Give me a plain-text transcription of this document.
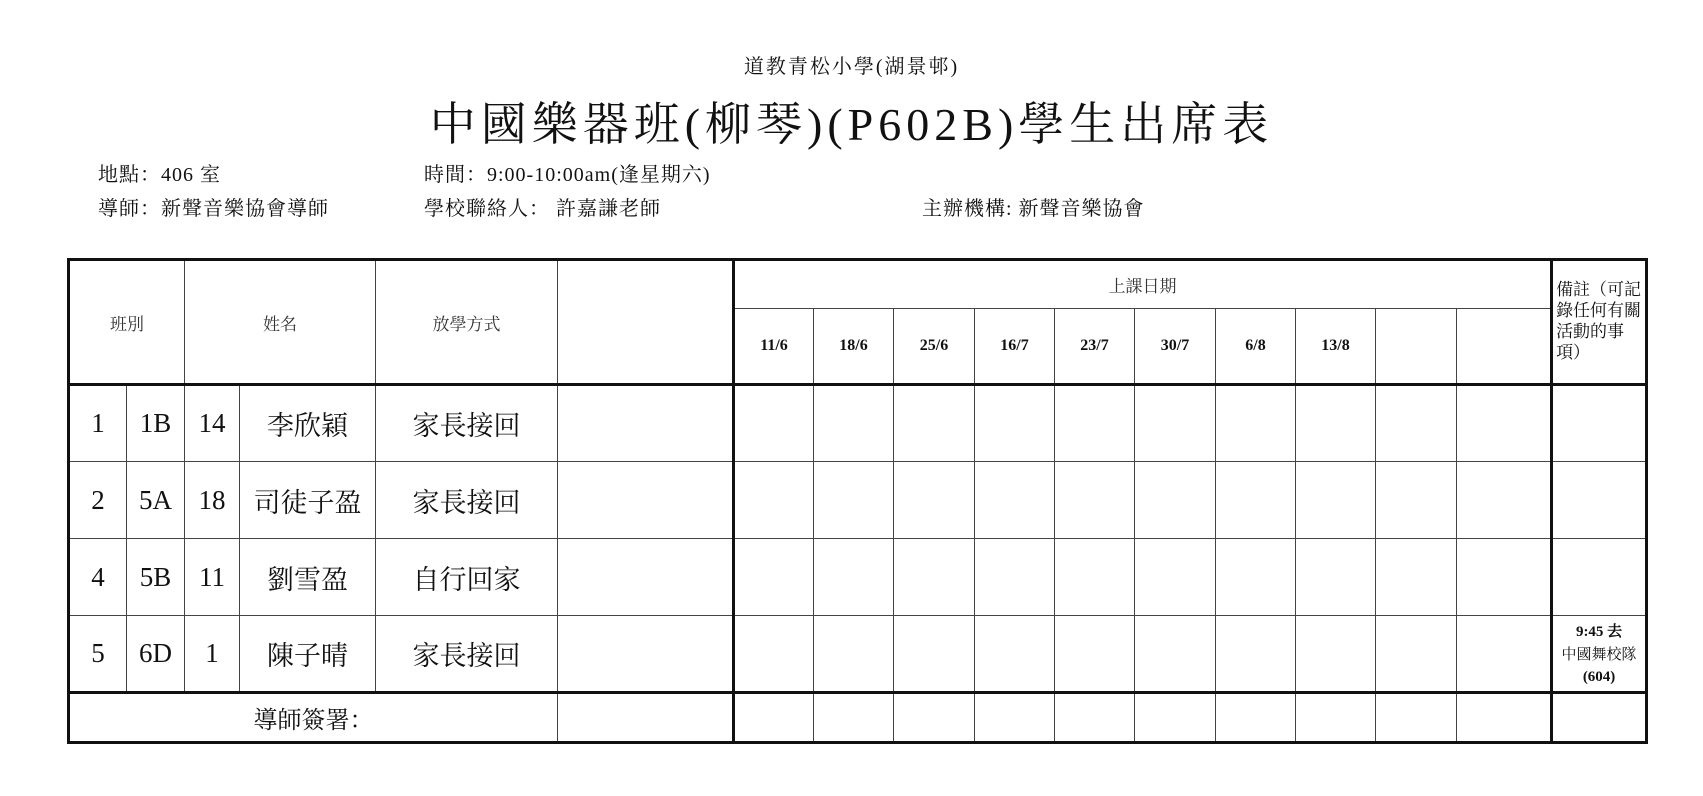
道教青松小學(湖景邨)
中國樂器班(柳琴)(P602B)學生出席表
地點：406 室	時間：9:00-10:00am(逢星期六)
導師：新聲音樂協會導師	學校聯絡人： 許嘉謙老師	主辦機構: 新聲音樂協會
班別		姓名		放學方式		上課日期										備註（可記錄任何有關活動的事項）
						11/6	18/6	25/6	16/7	23/7	30/7	6/8	13/8			
1	1B	14	李欣穎	家長接回												
2	5A	18	司徒子盈	家長接回												
4	5B	11	劉雪盈	自行回家												
5	6D	1	陳子晴	家長接回												9:45 去
中國舞校隊
(604)
導師簽署：																
